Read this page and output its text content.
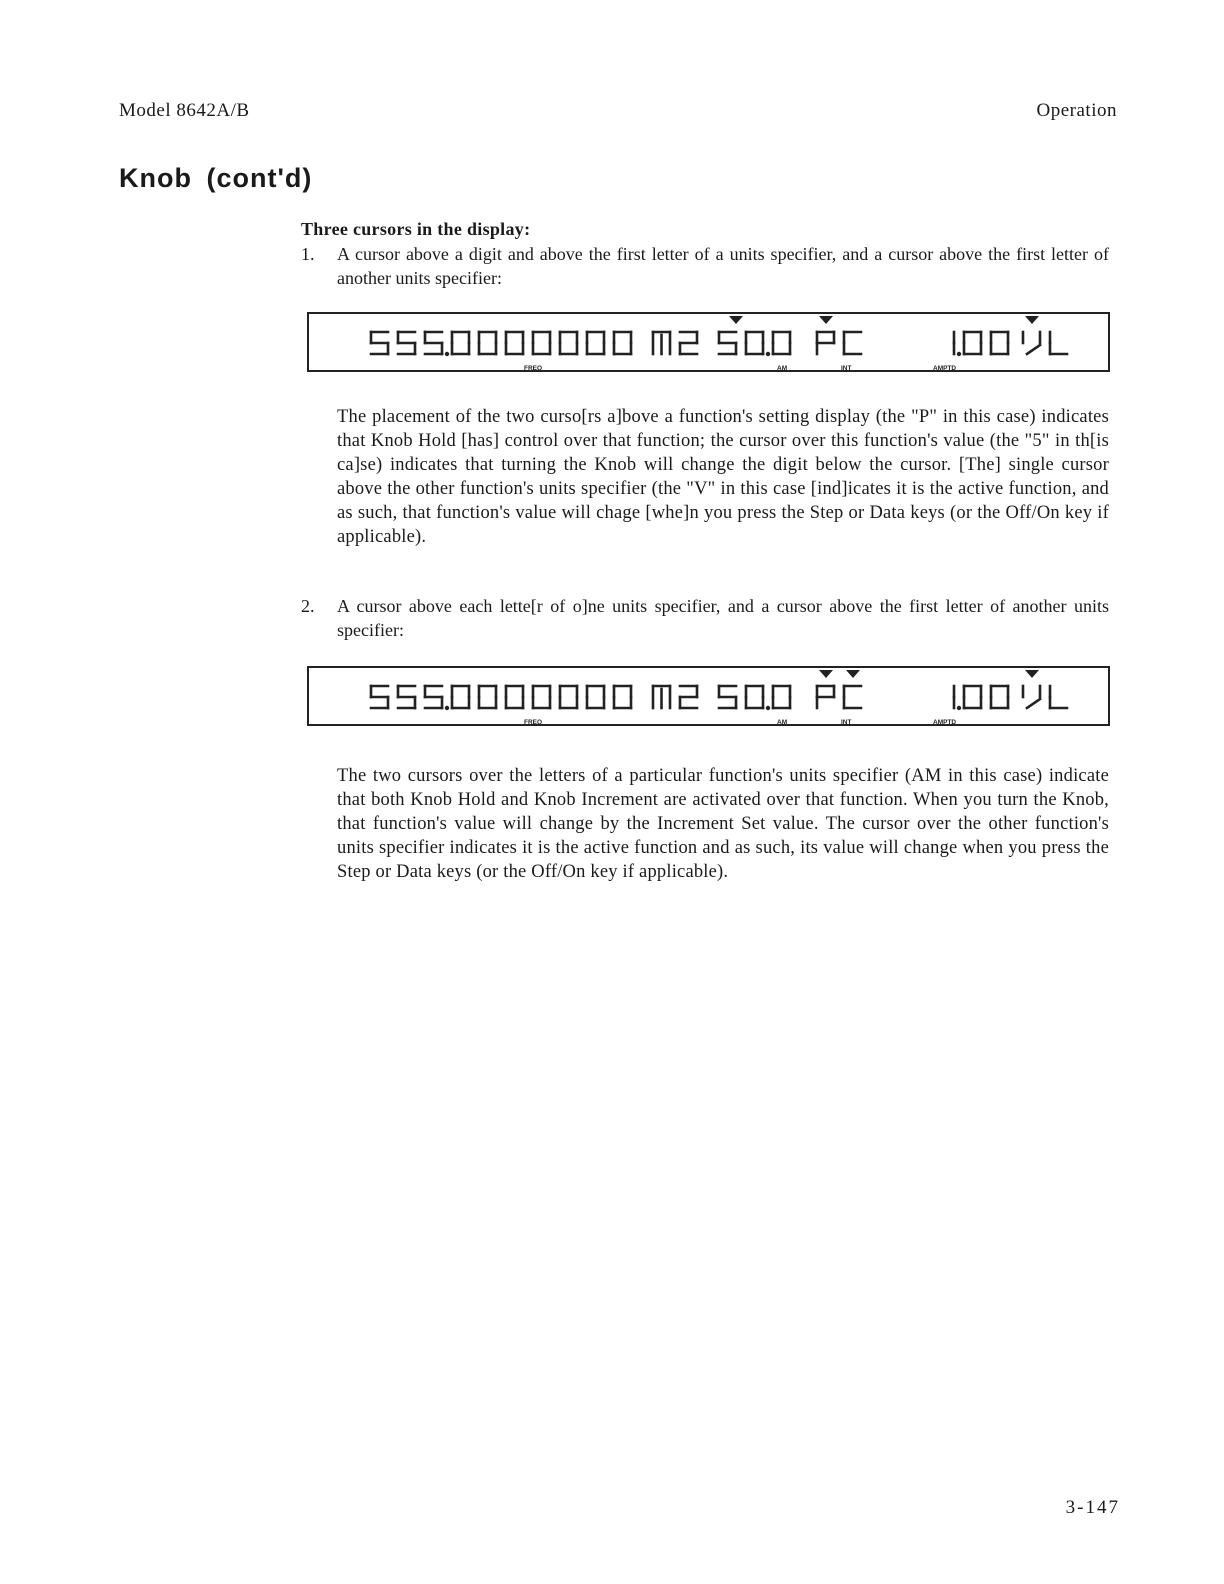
Model 8642A/B	Operation
Knob (cont'd)
Three cursors in the display:
1. A cursor above a digit and above the first letter of a units specifier, and a cursor above the first letter of another units specifier:
FREQ	AM	INT	AMPTD
The placement of the two curso[rs a]bove a function's setting display (the "P" in this case) indicates that Knob Hold [has] control over that function; the cursor over this function's value (the "5" in th[is ca]se) indicates that turning the Knob will change the digit below the cursor. [The] single cursor above the other function's units specifier (the "V" in this case [ind]icates it is the active function, and as such, that function's value will chage [whe]n you press the Step or Data keys (or the Off/On key if applicable).
2. A cursor above each lette[r of o]ne units specifier, and a cursor above the first letter of another units specifier:
FREQ	AM	INT	AMPTD
The two cursors over the letters of a particular function's units specifier (AM in this case) indicate that both Knob Hold and Knob Increment are activated over that function. When you turn the Knob, that function's value will change by the Increment Set value. The cursor over the other function's units specifier indicates it is the active function and as such, its value will change when you press the Step or Data keys (or the Off/On key if applicable).
3-147
